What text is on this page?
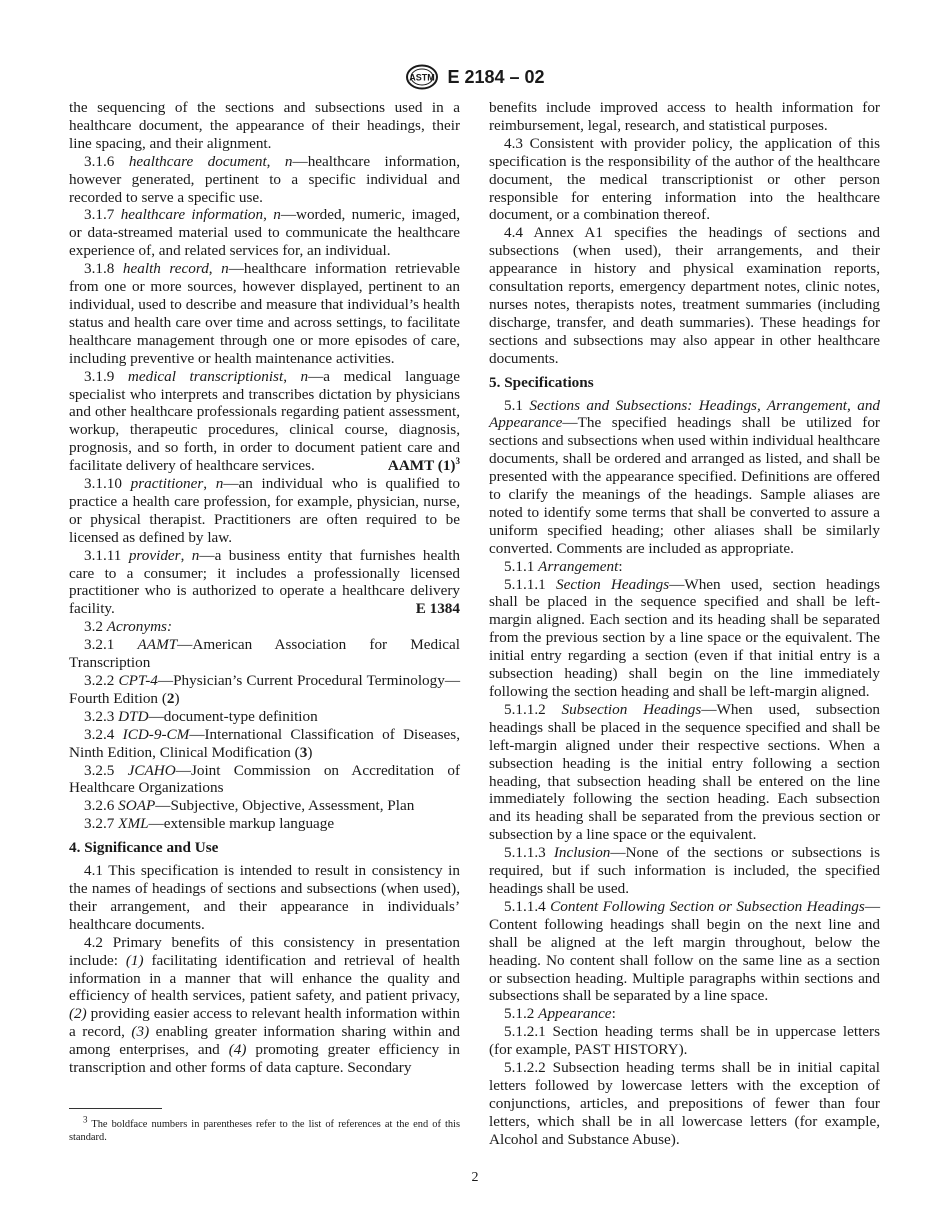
ASTM E 2184 – 02

the sequencing of the sections and subsections used in a healthcare document, the appearance of their headings, their line spacing, and their alignment.

3.1.6 healthcare document, n—healthcare information, however generated, pertinent to a specific individual and recorded to serve a specific use.

3.1.7 healthcare information, n—worded, numeric, imaged, or data-streamed material used to communicate the healthcare experience of, and related services for, an individual.

3.1.8 health record, n—healthcare information retrievable from one or more sources, however displayed, pertinent to an individual, used to describe and measure that individual’s health status and health care over time and across settings, to facilitate healthcare management through one or more episodes of care, including preventive or health maintenance activities.

3.1.9 medical transcriptionist, n—a medical language specialist who interprets and transcribes dictation by physicians and other healthcare professionals regarding patient assessment, workup, therapeutic procedures, clinical course, diagnosis, prognosis, and so forth, in order to document patient care and facilitate delivery of healthcare services.	AAMT $(1)^3$

3.1.10 practitioner, n—an individual who is qualified to practice a health care profession, for example, physician, nurse, or physical therapist. Practitioners are often required to be licensed as defined by law.

3.1.11 provider, n—a business entity that furnishes health care to a consumer; it includes a professionally licensed practitioner who is authorized to operate a healthcare delivery facility.	E 1384

3.2 Acronyms:

3.2.1 AAMT—American Association for Medical Transcription

3.2.2 CPT-4—Physician’s Current Procedural Terminology—Fourth Edition (2)

3.2.3 DTD—document-type definition

3.2.4 ICD-9-CM—International Classification of Diseases, Ninth Edition, Clinical Modification (3)

3.2.5 JCAHO—Joint Commission on Accreditation of Healthcare Organizations

3.2.6 SOAP—Subjective, Objective, Assessment, Plan

3.2.7 XML—extensible markup language

4. Significance and Use

4.1 This specification is intended to result in consistency in the names of headings of sections and subsections (when used), their arrangement, and their appearance in individuals’ healthcare documents.

4.2 Primary benefits of this consistency in presentation include: (1) facilitating identification and retrieval of health information in a manner that will enhance the quality and efficiency of health services, patient safety, and patient privacy, (2) providing easier access to relevant health information within a record, (3) enabling greater information sharing within and among enterprises, and (4) promoting greater efficiency in transcription and other forms of data capture. Secondary

benefits include improved access to health information for reimbursement, legal, research, and statistical purposes.

4.3 Consistent with provider policy, the application of this specification is the responsibility of the author of the healthcare document, the medical transcriptionist or other person responsible for entering information into the healthcare document, or a combination thereof.

4.4 Annex A1 specifies the headings of sections and subsections (when used), their arrangements, and their appearance in history and physical examination reports, consultation reports, emergency department notes, clinic notes, nurses notes, therapists notes, treatment summaries (including discharge, transfer, and death summaries). These headings for sections and subsections may also appear in other healthcare documents.

5. Specifications

5.1 Sections and Subsections: Headings, Arrangement, and Appearance—The specified headings shall be utilized for sections and subsections when used within individual healthcare documents, shall be ordered and arranged as listed, and shall be presented with the appearance specified. Definitions are offered to clarify the meanings of the headings. Sample aliases are noted to identify some terms that shall be converted to assure a uniform specified heading; other aliases shall be similarly converted. Comments are included as appropriate.

5.1.1 Arrangement:

5.1.1.1 Section Headings—When used, section headings shall be placed in the sequence specified and shall be left-margin aligned. Each section and its heading shall be separated from the previous section by a line space or the equivalent. The initial entry regarding a section (even if that initial entry is a subsection heading) shall begin on the line immediately following the section heading and shall be left-margin aligned.

5.1.1.2 Subsection Headings—When used, subsection headings shall be placed in the sequence specified and shall be left-margin aligned under their respective sections. When a subsection heading is the initial entry following a section heading, that subsection heading shall be entered on the line immediately following the section heading. Each subsection and its heading shall be separated from the previous section or subsection by a line space or the equivalent.

5.1.1.3 Inclusion—None of the sections or subsections is required, but if such information is included, the specified headings shall be used.

5.1.1.4 Content Following Section or Subsection Headings—Content following headings shall begin on the next line and shall be aligned at the left margin throughout, below the heading. No content shall follow on the same line as a section or subsection heading. Multiple paragraphs within sections and subsections shall be separated by a line space.

5.1.2 Appearance:

5.1.2.1 Section heading terms shall be in uppercase letters (for example, PAST HISTORY).

5.1.2.2 Subsection heading terms shall be in initial capital letters followed by lowercase letters with the exception of conjunctions, articles, and prepositions of fewer than four letters, which shall be in all lowercase letters (for example, Alcohol and Substance Abuse).

$^3$ The boldface numbers in parentheses refer to the list of references at the end of this standard.
2
